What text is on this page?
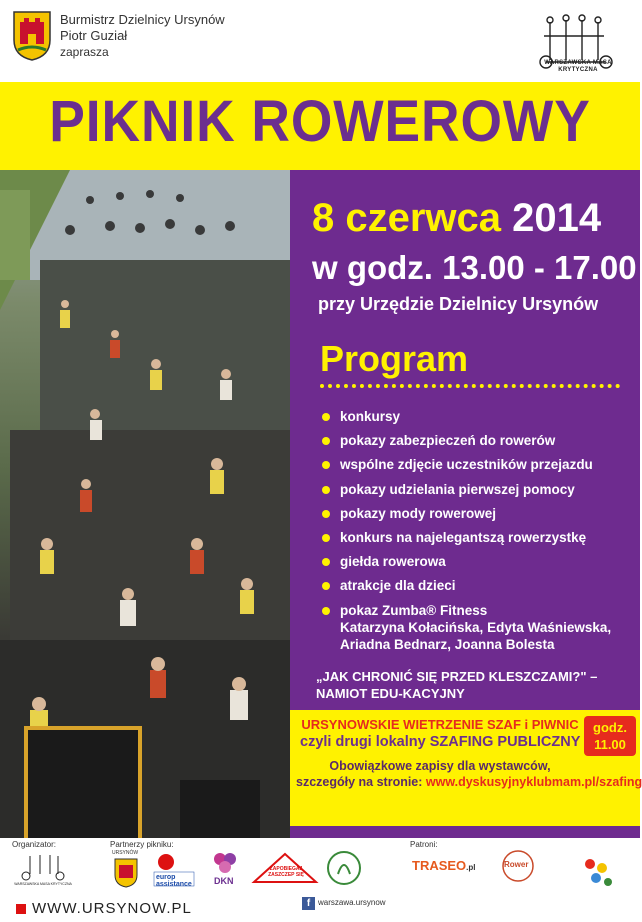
Burmistrz Dzielnicy Ursynów
Piotr Guział
zaprasza
WARSZAWSKA MASA KRYTYCZNA
PIKNIK ROWEROWY
8 czerwca 2014
w godz. 13.00 - 17.00
przy Urzędzie Dzielnicy Ursynów
Program
konkursy
pokazy zabezpieczeń do rowerów
wspólne zdjęcie uczestników przejazdu
pokazy udzielania pierwszej pomocy
pokazy mody rowerowej
konkurs na najelegantszą rowerzystkę
giełda rowerowa
atrakcje dla dzieci
pokaz Zumba® Fitness
Katarzyna Kołacińska, Edyta Waśniewska,
Ariadna Bednarz, Joanna Bolesta
„JAK CHRONIĆ SIĘ PRZED KLESZCZAMI?" – NAMIOT EDU-KACYJNY
URSYNOWSKIE WIETRZENIE SZAF i PIWNIC
czyli drugi lokalny SZAFING PUBLICZNY
Obowiązkowe zapisy dla wystawców,
szczegóły na stronie: www.dyskusyjnyklubmam.pl/szafing
godz.
11.00
Organizator:
WARSZAWSKA MASA KRYTYCZNA
Partnerzy pikniku:
URSYNÓW
europ assistance	DKN
ZAPOBIEGAJ ZASZCZEP SIĘ
Patroni:
TRASEO.pl	Rower
WWW.URSYNOW.PL	f warszawa.ursynow
